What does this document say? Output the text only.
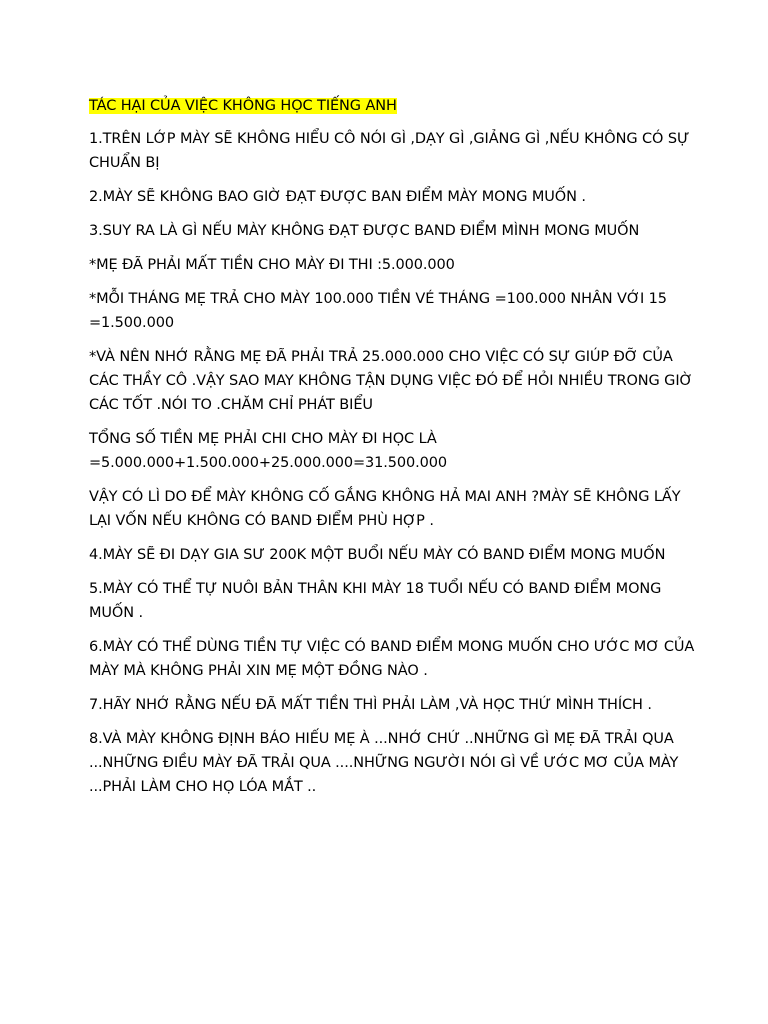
TÁC HẠI CỦA VIỆC KHÔNG HỌC TIẾNG ANH

1.TRÊN LỚP MÀY SẼ KHÔNG HIỂU CÔ NÓI GÌ ,DẠY GÌ ,GIẢNG GÌ ,NẾU KHÔNG CÓ SỰ CHUẨN BỊ

2.MÀY SẼ KHÔNG BAO GIỜ ĐẠT ĐƯỢC BAN ĐIỂM MÀY MONG MUỐN .

3.SUY RA LÀ GÌ NẾU MÀY KHÔNG ĐẠT ĐƯỢC BAND ĐIỂM MÌNH MONG MUỐN

*MẸ ĐÃ PHẢI MẤT TIỀN CHO MÀY ĐI THI :5.000.000

*MỖI THÁNG MẸ TRẢ CHO MÀY 100.000 TIỀN VÉ THÁNG =100.000 NHÂN VỚI 15 =1.500.000

*VÀ NÊN NHỚ RẰNG MẸ ĐÃ PHẢI TRẢ 25.000.000 CHO VIỆC CÓ SỰ GIÚP ĐỠ CỦA CÁC THẦY CÔ .VẬY SAO MAY KHÔNG TẬN DỤNG VIỆC ĐÓ ĐỂ HỎI NHIỀU TRONG GIỜ CÁC TỐT .NÓI TO .CHĂM CHỈ PHÁT BIỂU

TỔNG SỐ TIỀN MẸ PHẢI CHI CHO MÀY ĐI HỌC LÀ =5.000.000+1.500.000+25.000.000=31.500.000

VẬY CÓ LÌ DO ĐỂ MÀY KHÔNG CỐ GẮNG KHÔNG HẢ MAI ANH ?MÀY SẼ KHÔNG LẤY LẠI VỐN NẾU KHÔNG CÓ BAND ĐIỂM PHÙ HỢP .

4.MÀY SẼ ĐI DẠY GIA SƯ 200K MỘT BUỔI NẾU MÀY CÓ BAND ĐIỂM MONG MUỐN

5.MÀY CÓ THỂ TỰ NUÔI BẢN THÂN KHI MÀY 18 TUỔI NẾU CÓ BAND ĐIỂM MONG MUỐN .

6.MÀY CÓ THỂ DÙNG TIỀN TỰ VIỆC CÓ BAND ĐIỂM MONG MUỐN CHO ƯỚC MƠ CỦA MÀY MÀ KHÔNG PHẢI XIN MẸ MỘT ĐỒNG NÀO .

7.HÃY NHỚ RẰNG NẾU ĐÃ MẤT TIỀN THÌ PHẢI LÀM ,VÀ HỌC THỨ MÌNH THÍCH .

8.VÀ MÀY KHÔNG ĐỊNH BÁO HIẾU MẸ À ...NHỚ CHỨ ..NHỮNG GÌ MẸ ĐÃ TRẢI QUA ...NHỮNG ĐIỀU MÀY ĐÃ TRẢI QUA ....NHỮNG NGƯỜI NÓI GÌ VỀ ƯỚC MƠ CỦA MÀY ...PHẢI LÀM CHO HỌ LÓA MẮT ..
